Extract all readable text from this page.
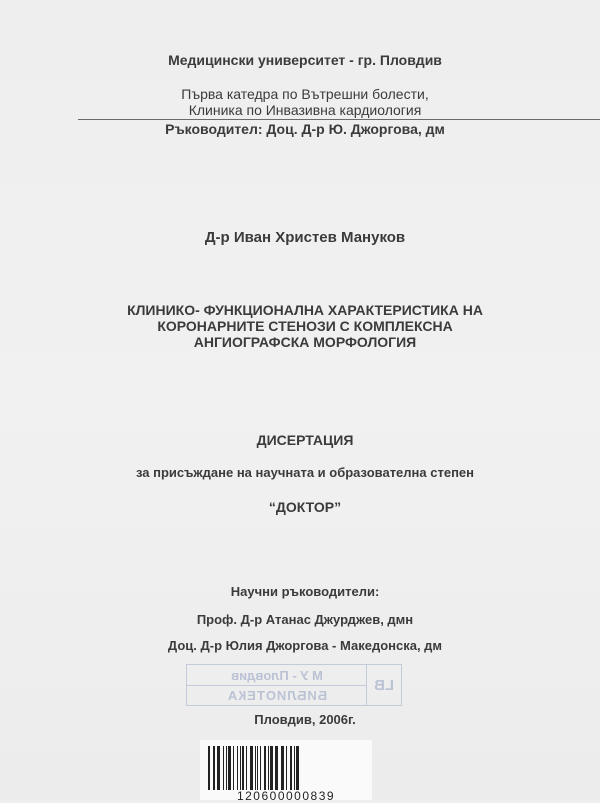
Медицински университет - гр. Пловдив
Първа катедра по Вътрешни болести,
Клиника по Инвазивна кардиология
Ръководител: Доц. Д-р Ю. Джоргова, дм
Д-р Иван Христев Мануков
КЛИНИКО- ФУНКЦИОНАЛНА ХАРАКТЕРИСТИКА НА
КОРОНАРНИТЕ СТЕНОЗИ С КОМПЛЕКСНА
АНГИОГРАФСКА МОРФОЛОГИЯ
ДИСЕРТАЦИЯ
за присъждане на научната и образователна степен
“ДОКТОР”
Научни ръководители:
Проф. Д-р Атанас Джурджев, дмн
Доц. Д-р Юлия Джоргова - Македонска, дм
LB
М У - Пловдив
БИБЛИОТЕКА
Пловдив, 2006г.
120600000839
